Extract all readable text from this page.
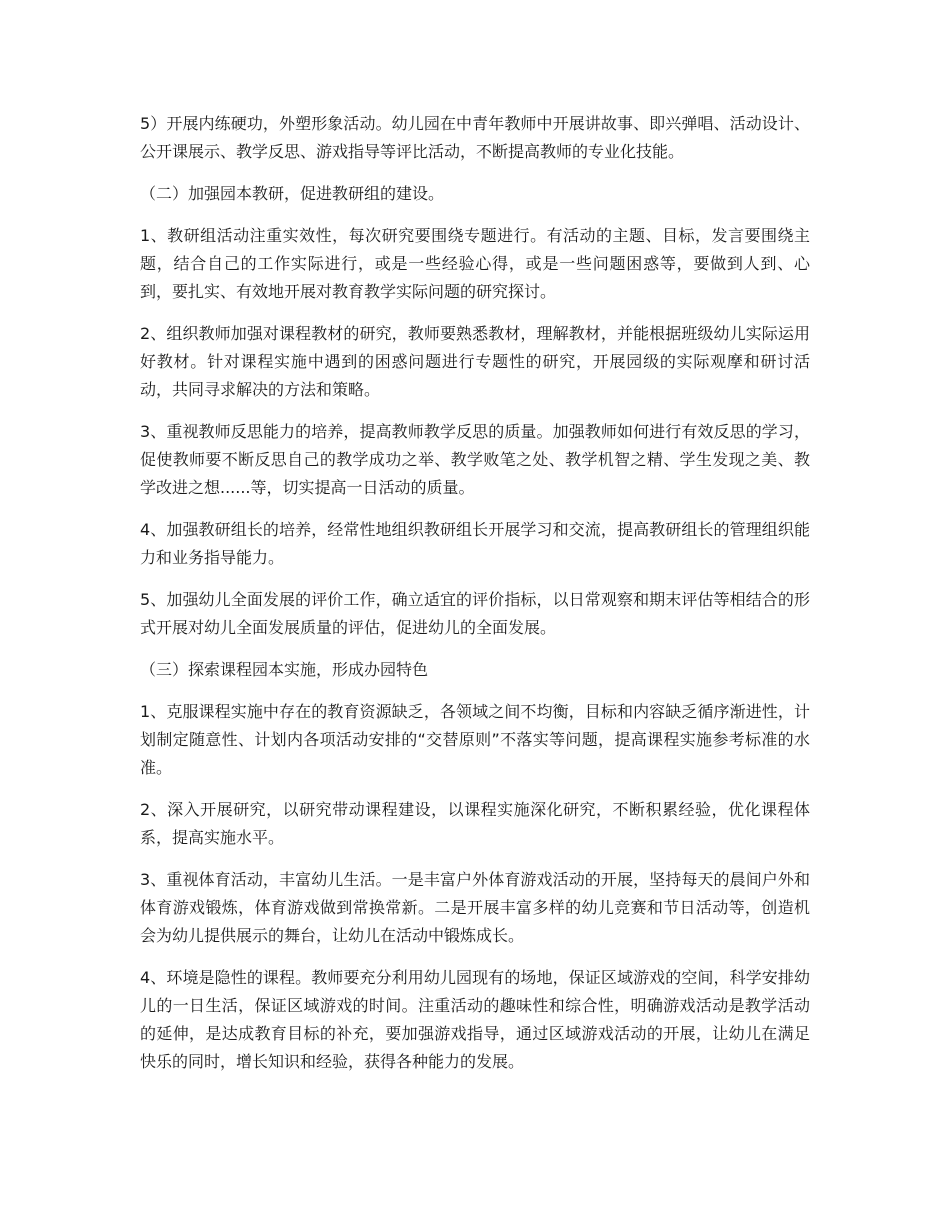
5）开展内练硬功，外塑形象活动。幼儿园在中青年教师中开展讲故事、即兴弹唱、活动设计、公开课展示、教学反思、游戏指导等评比活动，不断提高教师的专业化技能。

（二）加强园本教研，促进教研组的建设。

1、教研组活动注重实效性，每次研究要围绕专题进行。有活动的主题、目标，发言要围绕主题，结合自己的工作实际进行，或是一些经验心得，或是一些问题困惑等，要做到人到、心到，要扎实、有效地开展对教育教学实际问题的研究探讨。

2、组织教师加强对课程教材的研究，教师要熟悉教材，理解教材，并能根据班级幼儿实际运用好教材。针对课程实施中遇到的困惑问题进行专题性的研究，开展园级的实际观摩和研讨活动，共同寻求解决的方法和策略。

3、重视教师反思能力的培养，提高教师教学反思的质量。加强教师如何进行有效反思的学习，促使教师要不断反思自己的教学成功之举、教学败笔之处、教学机智之精、学生发现之美、教学改进之想......等，切实提高一日活动的质量。

4、加强教研组长的培养，经常性地组织教研组长开展学习和交流，提高教研组长的管理组织能力和业务指导能力。

5、加强幼儿全面发展的评价工作，确立适宜的评价指标，以日常观察和期末评估等相结合的形式开展对幼儿全面发展质量的评估，促进幼儿的全面发展。

（三）探索课程园本实施，形成办园特色

1、克服课程实施中存在的教育资源缺乏，各领域之间不均衡，目标和内容缺乏循序渐进性，计划制定随意性、计划内各项活动安排的“交替原则”不落实等问题，提高课程实施参考标准的水准。

2、深入开展研究，以研究带动课程建设，以课程实施深化研究，不断积累经验，优化课程体系，提高实施水平。

3、重视体育活动，丰富幼儿生活。一是丰富户外体育游戏活动的开展，坚持每天的晨间户外和体育游戏锻炼，体育游戏做到常换常新。二是开展丰富多样的幼儿竞赛和节日活动等，创造机会为幼儿提供展示的舞台，让幼儿在活动中锻炼成长。

4、环境是隐性的课程。教师要充分利用幼儿园现有的场地，保证区域游戏的空间，科学安排幼儿的一日生活，保证区域游戏的时间。注重活动的趣味性和综合性，明确游戏活动是教学活动的延伸，是达成教育目标的补充，要加强游戏指导，通过区域游戏活动的开展，让幼儿在满足快乐的同时，增长知识和经验，获得各种能力的发展。
